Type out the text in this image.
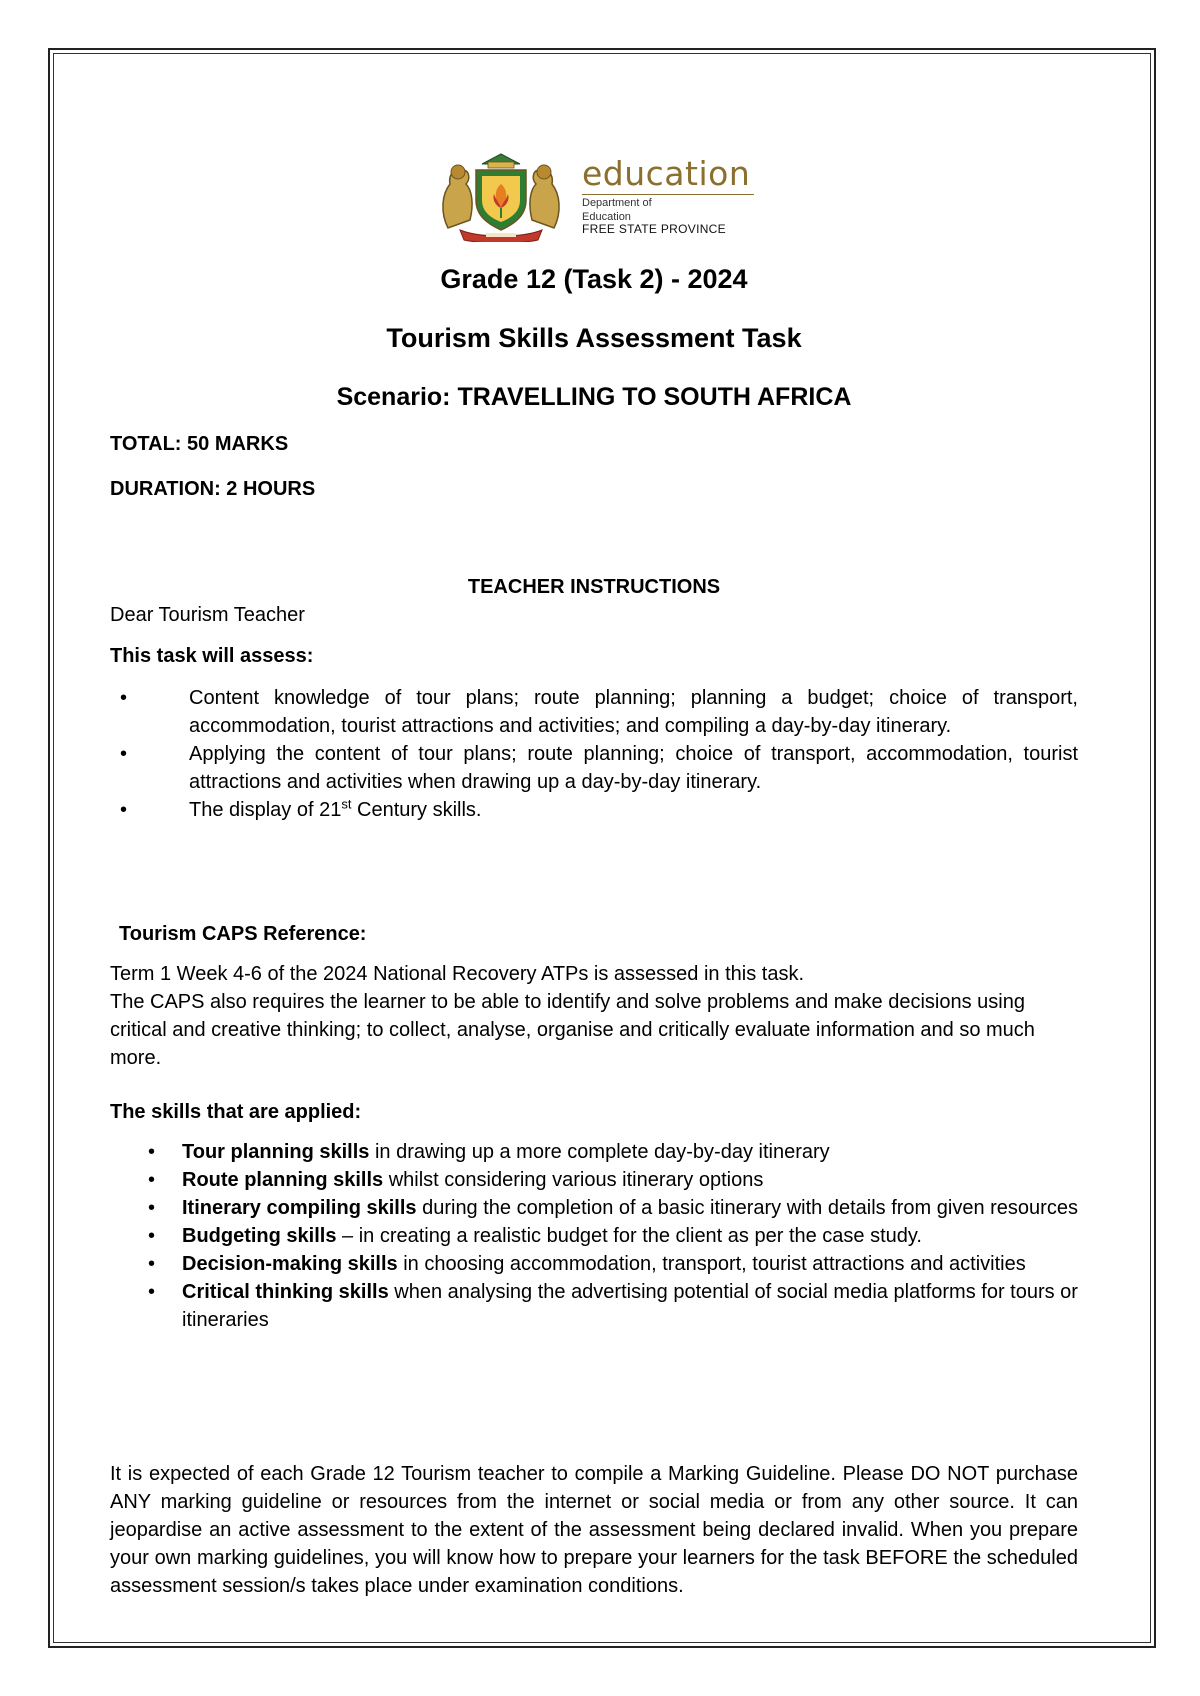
education
Department of
Education
FREE STATE PROVINCE
Grade 12 (Task 2) - 2024
Tourism Skills Assessment Task
Scenario: TRAVELLING TO SOUTH AFRICA
TOTAL: 50 MARKS
DURATION: 2 HOURS
TEACHER INSTRUCTIONS
Dear Tourism Teacher
This task will assess:
•	Content knowledge of tour plans; route planning; planning a budget; choice of transport, accommodation, tourist attractions and activities; and compiling a day-by-day itinerary.
•	Applying the content of tour plans; route planning; choice of transport, accommodation, tourist attractions and activities when drawing up a day-by-day itinerary.
•	The display of 21st Century skills.
Tourism CAPS Reference:
Term 1 Week 4-6 of the 2024 National Recovery ATPs is assessed in this task.
The CAPS also requires the learner to be able to identify and solve problems and make decisions using critical and creative thinking; to collect, analyse, organise and critically evaluate information and so much more.
The skills that are applied:
• Tour planning skills in drawing up a more complete day-by-day itinerary
• Route planning skills whilst considering various itinerary options
• Itinerary compiling skills during the completion of a basic itinerary with details from given resources
• Budgeting skills – in creating a realistic budget for the client as per the case study.
• Decision-making skills in choosing accommodation, transport, tourist attractions and activities
• Critical thinking skills when analysing the advertising potential of social media platforms for tours or itineraries
It is expected of each Grade 12 Tourism teacher to compile a Marking Guideline. Please DO NOT purchase ANY marking guideline or resources from the internet or social media or from any other source. It can jeopardise an active assessment to the extent of the assessment being declared invalid. When you prepare your own marking guidelines, you will know how to prepare your learners for the task BEFORE the scheduled assessment session/s takes place under examination conditions.
